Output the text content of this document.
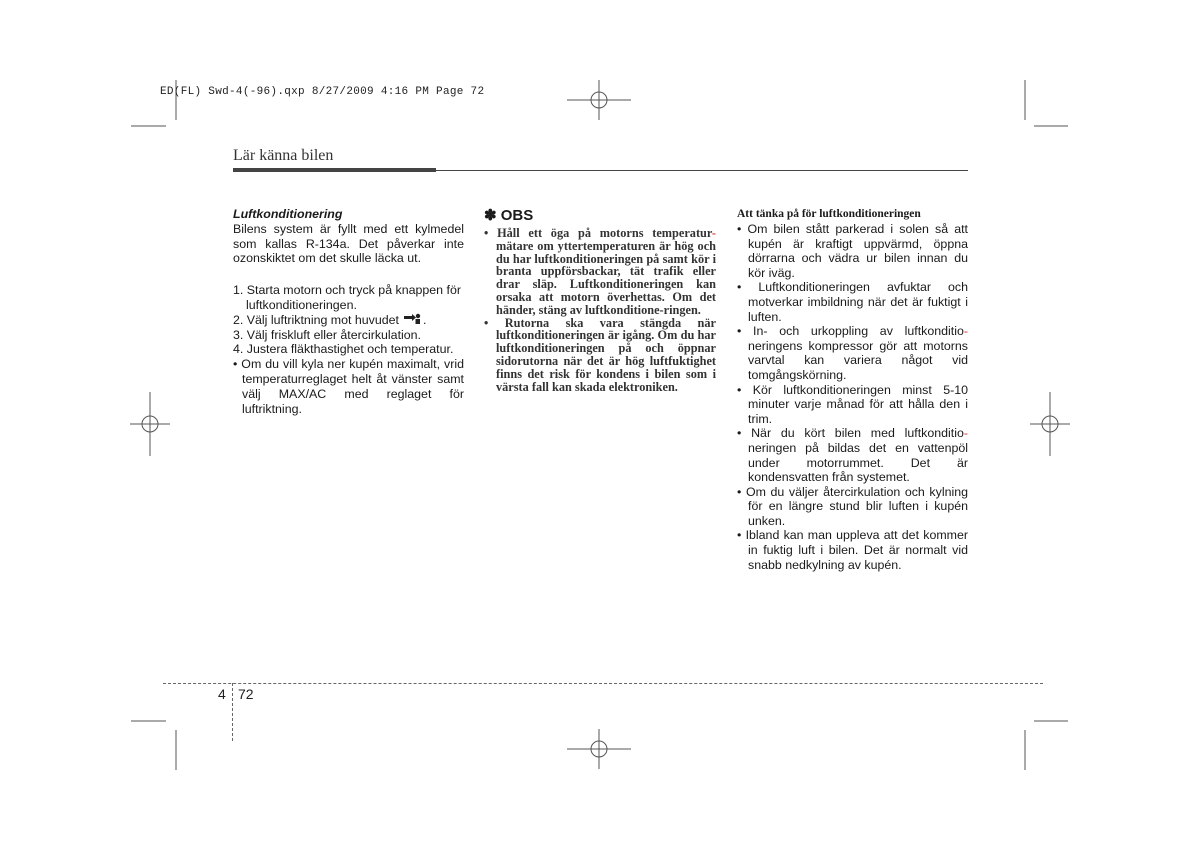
ED(FL) Swd-4(-96).qxp 8/27/2009 4:16 PM Page 72
Lär känna bilen
Luftkonditionering

Bilens system är fyllt med ett kylmedel som kallas R-134a. Det påverkar inte ozonskiktet om det skulle läcka ut.

1. Starta motorn och tryck på knappen för luftkonditioneringen.
2. Välj luftriktning mot huvudet .
3. Välj friskluft eller återcirkulation.
4. Justera fläkthastighet och temperatur.
• Om du vill kyla ner kupén maximalt, vrid temperaturreglaget helt åt vänster samt välj MAX/AC med reglaget för luftriktning.
✽ OBS
• Håll ett öga på motorns temperatur-mätare om yttertemperaturen är hög och du har luftkonditioneringen på samt kör i branta uppförsbackar, tät trafik eller drar släp. Luftkonditioneringen kan orsaka att motorn överhettas. Om det händer, stäng av luftkonditione-ringen.
• Rutorna ska vara stängda när luftkonditioneringen är igång. Om du har luftkonditioneringen på och öppnar sidorutorna när det är hög luftfuktighet finns det risk för kondens i bilen som i värsta fall kan skada elektroniken.
Att tänka på för luftkonditioneringen
• Om bilen stått parkerad i solen så att kupén är kraftigt uppvärmd, öppna dörrarna och vädra ur bilen innan du kör iväg.
• Luftkonditioneringen avfuktar och motverkar imbildning när det är fuktigt i luften.
• In- och urkoppling av luftkonditio-neringens kompressor gör att motorns varvtal kan variera något vid tomgångskörning.
• Kör luftkonditioneringen minst 5-10 minuter varje månad för att hålla den i trim.
• När du kört bilen med luftkonditio-neringen på bildas det en vattenpöl under motorrummet. Det är kondensvatten från systemet.
• Om du väljer återcirkulation och kylning för en längre stund blir luften i kupén unken.
• Ibland kan man uppleva att det kommer in fuktig luft i bilen. Det är normalt vid snabb nedkylning av kupén.
4 72
